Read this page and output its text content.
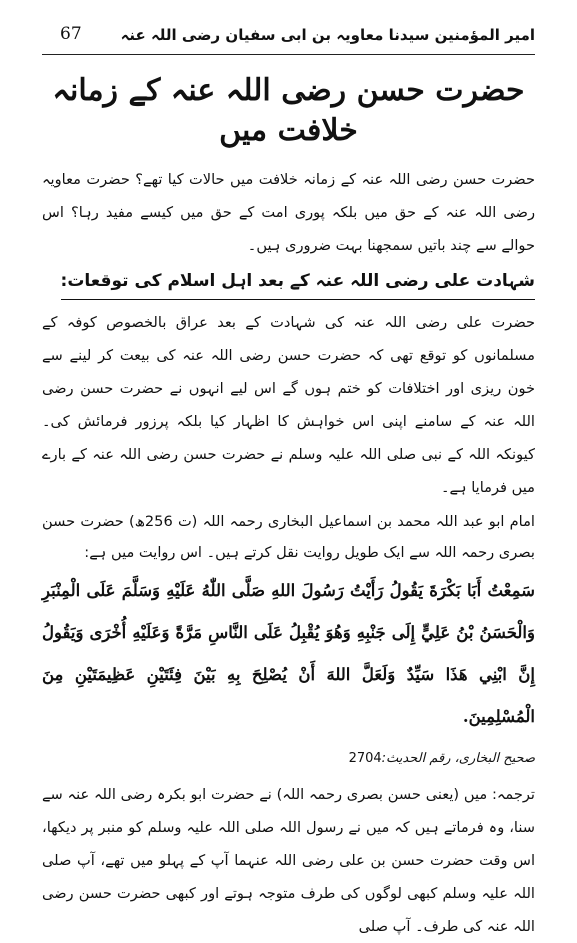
امیر المؤمنین سیدنا معاویہ بن ابی سفیان رضی اللہ عنہ
67
حضرت حسن رضی اللہ عنہ کے زمانہ خلافت میں

حضرت حسن رضی اللہ عنہ کے زمانہ خلافت میں حالات کیا تھے؟ حضرت معاویہ رضی اللہ عنہ کے حق میں بلکہ پوری امت کے حق میں کیسے مفید رہا؟ اس حوالے سے چند باتیں سمجھنا بہت ضروری ہیں۔

شہادت علی رضی اللہ عنہ کے بعد اہل اسلام کی توقعات:

حضرت علی رضی اللہ عنہ کی شہادت کے بعد عراق بالخصوص کوفہ کے مسلمانوں کو توقع تھی کہ حضرت حسن رضی اللہ عنہ کی بیعت کر لینے سے خون ریزی اور اختلافات کو ختم ہوں گے اس لیے انہوں نے حضرت حسن رضی اللہ عنہ کے سامنے اپنی اس خواہش کا اظہار کیا بلکہ پرزور فرمائش کی۔ کیونکہ اللہ کے نبی صلی اللہ علیہ وسلم نے حضرت حسن رضی اللہ عنہ کے بارے میں فرمایا ہے۔

امام ابو عبد اللہ محمد بن اسماعیل البخاری رحمہ اللہ (ت 256ھ) حضرت حسن بصری رحمہ اللہ سے ایک طویل روایت نقل کرتے ہیں۔ اس روایت میں ہے:

سَمِعْتُ أَبَا بَكْرَةَ يَقُولُ رَأَيْتُ رَسُولَ اللهِ صَلَّى اللّٰهُ عَلَيْهِ وَسَلَّمَ عَلَى الْمِنْبَرِ وَالْحَسَنُ بْنُ عَلِيٍّ إِلَى جَنْبِهِ وَهُوَ يُقْبِلُ عَلَى النَّاسِ مَرَّةً وَعَلَيْهِ أُخْرَى وَيَقُولُ إِنَّ ابْنِي هَذَا سَيِّدٌ وَلَعَلَّ اللهَ أَنْ يُصْلِحَ بِهِ بَيْنَ فِئَتَيْنِ عَظِيمَتَيْنِ مِنَ الْمُسْلِمِينَ.

صحیح البخاری، رقم الحدیث:2704

ترجمہ: میں (یعنی حسن بصری رحمہ اللہ) نے حضرت ابو بکرہ رضی اللہ عنہ سے سنا، وہ فرماتے ہیں کہ میں نے رسول اللہ صلی اللہ علیہ وسلم کو منبر پر دیکھا، اس وقت حضرت حسن بن علی رضی اللہ عنہما آپ کے پہلو میں تھے، آپ صلی اللہ علیہ وسلم کبھی لوگوں کی طرف متوجہ ہوتے اور کبھی حضرت حسن رضی اللہ عنہ کی طرف۔ آپ صلی
